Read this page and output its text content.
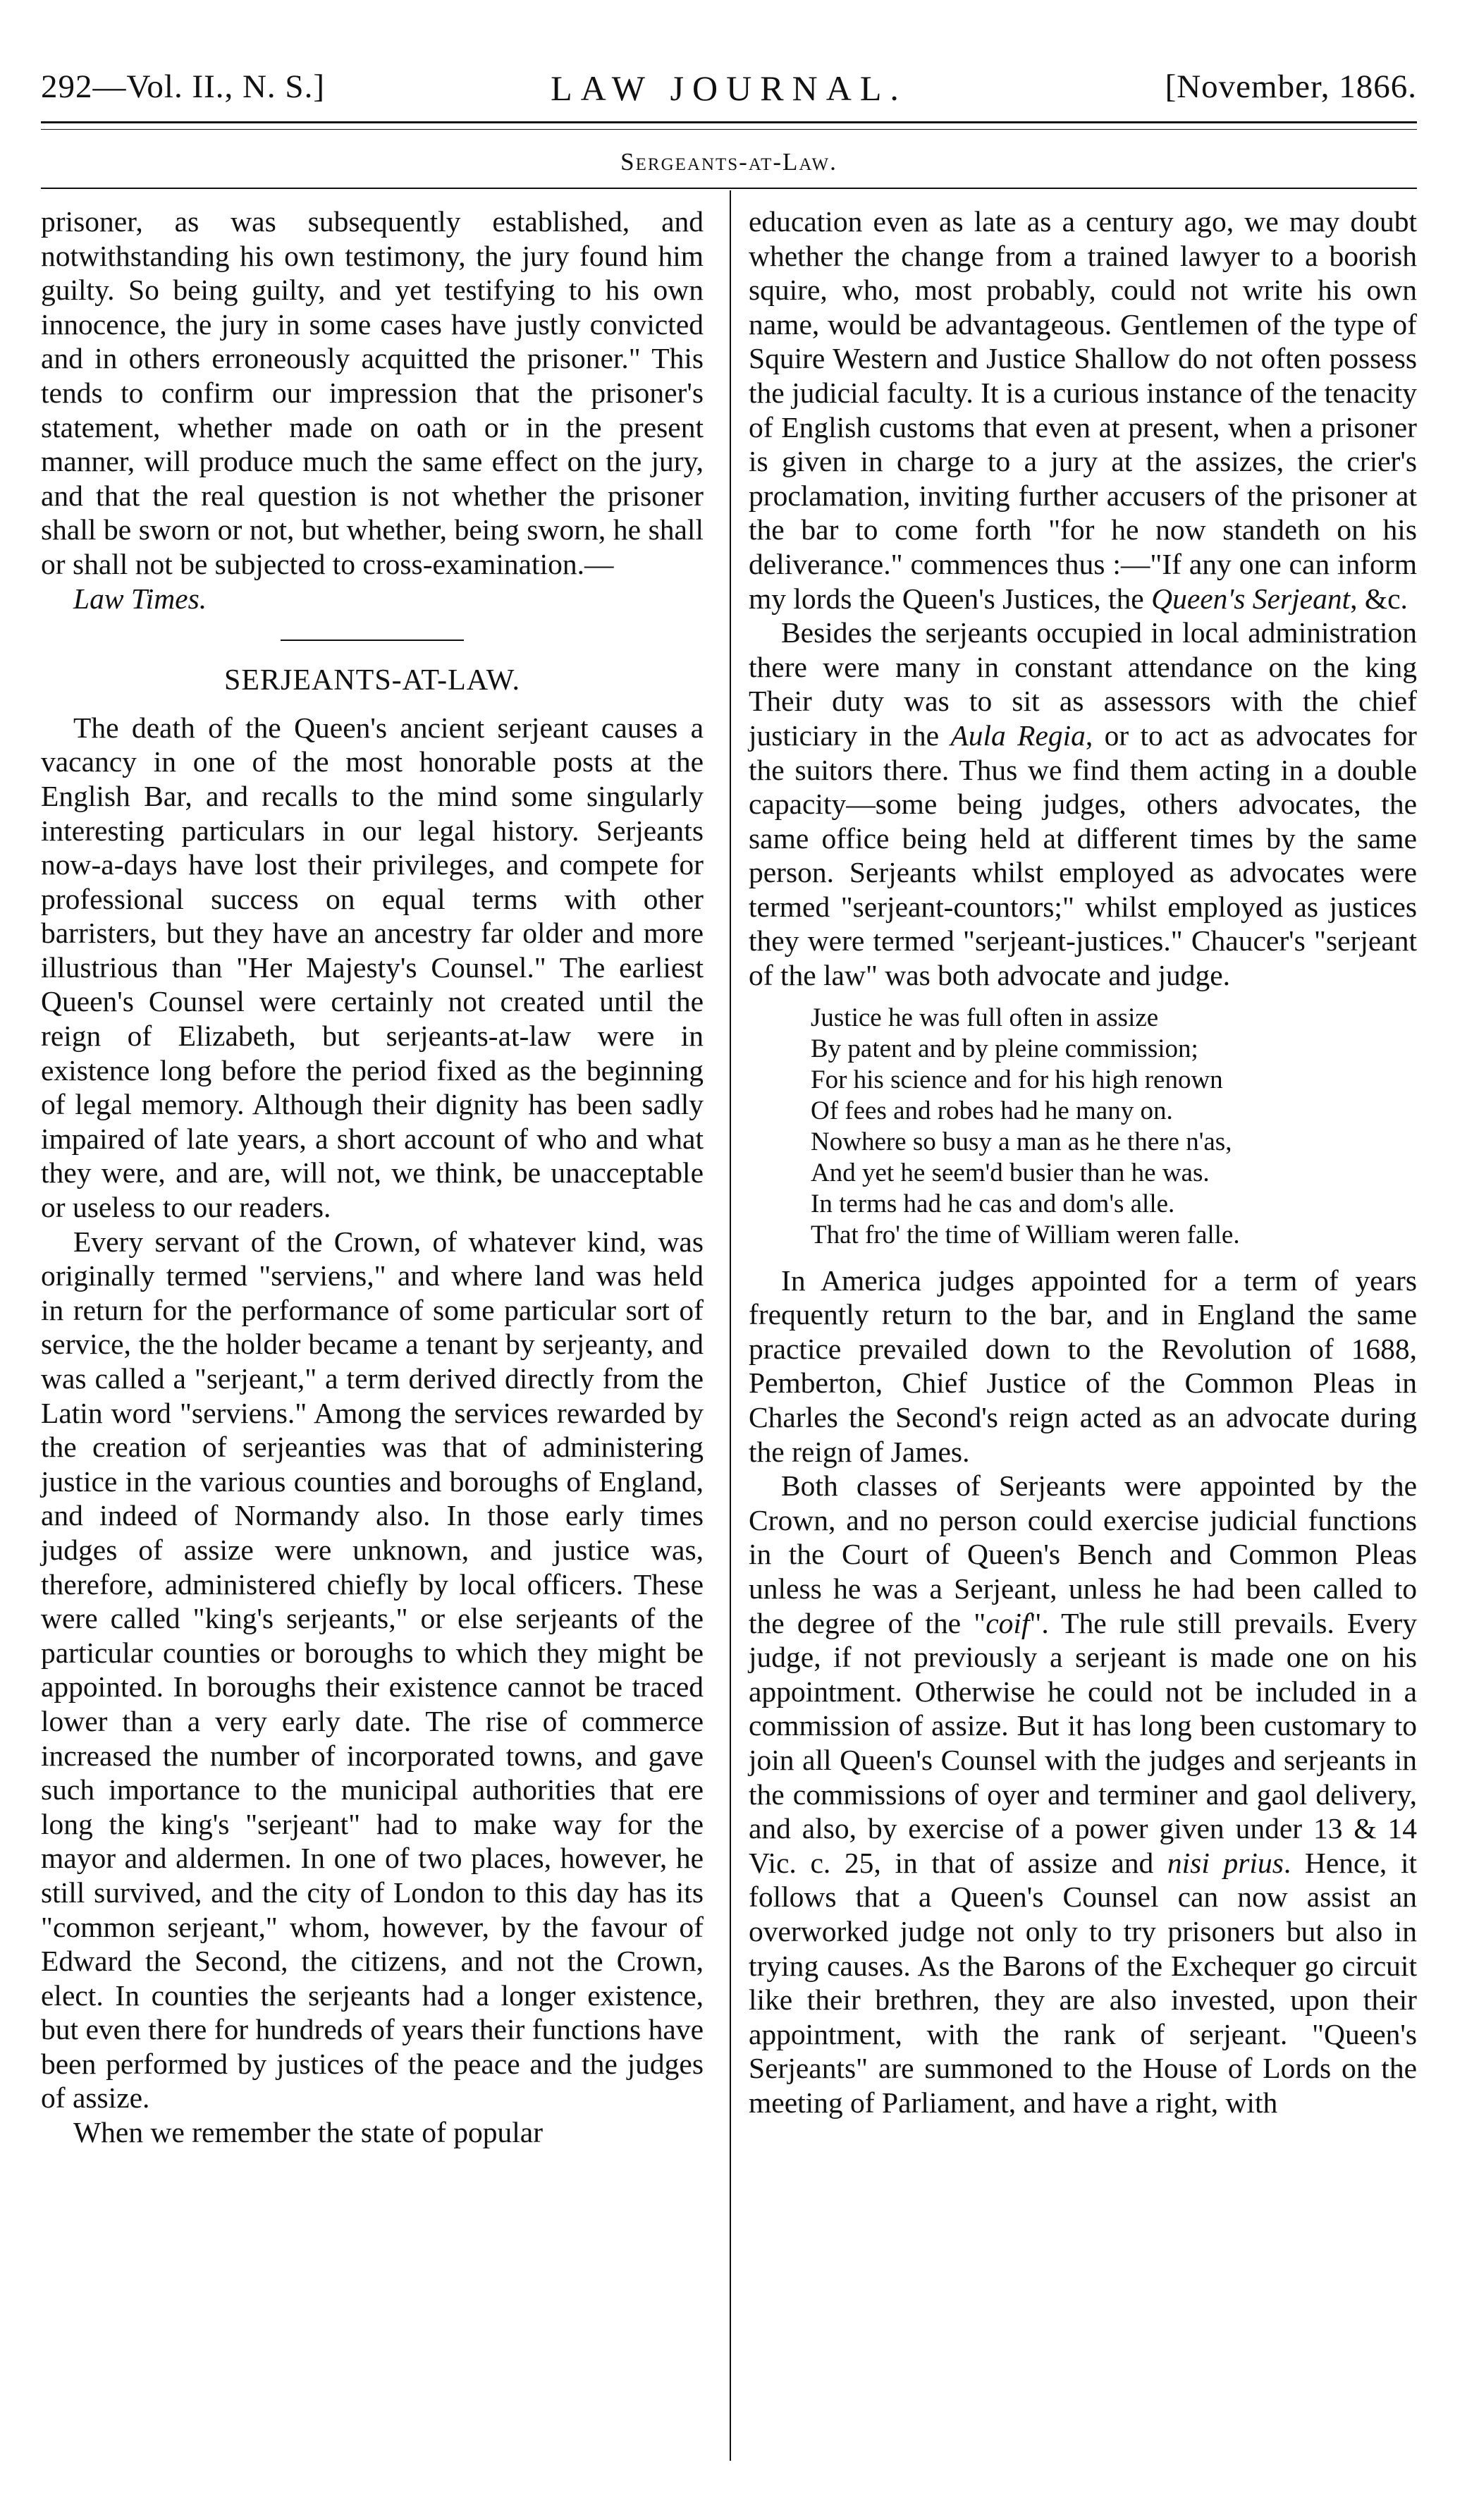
292—Vol. II., N. S.]	LAW JOURNAL.	[November, 1866.
Sergeants-at-Law.

prisoner, as was subsequently established, and notwithstanding his own testimony, the jury found him guilty. So being guilty, and yet testifying to his own innocence, the jury in some cases have justly convicted and in others erroneously acquitted the prisoner." This tends to confirm our impression that the prisoner's statement, whether made on oath or in the present manner, will produce much the same effect on the jury, and that the real question is not whether the prisoner shall be sworn or not, but whether, being sworn, he shall or shall not be subjected to cross-examination.—

Law Times.

SERJEANTS-AT-LAW.

The death of the Queen's ancient serjeant causes a vacancy in one of the most honorable posts at the English Bar, and recalls to the mind some singularly interesting particulars in our legal history. Serjeants now-a-days have lost their privileges, and compete for professional success on equal terms with other barristers, but they have an ancestry far older and more illustrious than "Her Majesty's Counsel." The earliest Queen's Counsel were certainly not created until the reign of Elizabeth, but serjeants-at-law were in existence long before the period fixed as the beginning of legal memory. Although their dignity has been sadly impaired of late years, a short account of who and what they were, and are, will not, we think, be unacceptable or useless to our readers.

Every servant of the Crown, of whatever kind, was originally termed "serviens," and where land was held in return for the performance of some particular sort of service, the the holder became a tenant by serjeanty, and was called a "serjeant," a term derived directly from the Latin word "serviens." Among the services rewarded by the creation of serjeanties was that of administering justice in the various counties and boroughs of England, and indeed of Normandy also. In those early times judges of assize were unknown, and justice was, therefore, administered chiefly by local officers. These were called "king's serjeants," or else serjeants of the particular counties or boroughs to which they might be appointed. In boroughs their existence cannot be traced lower than a very early date. The rise of commerce increased the number of incorporated towns, and gave such importance to the municipal authorities that ere long the king's "serjeant" had to make way for the mayor and aldermen. In one of two places, however, he still survived, and the city of London to this day has its "common serjeant," whom, however, by the favour of Edward the Second, the citizens, and not the Crown, elect. In counties the serjeants had a longer existence, but even there for hundreds of years their functions have been performed by justices of the peace and the judges of assize.

When we remember the state of popular

education even as late as a century ago, we may doubt whether the change from a trained lawyer to a boorish squire, who, most probably, could not write his own name, would be advantageous. Gentlemen of the type of Squire Western and Justice Shallow do not often possess the judicial faculty. It is a curious instance of the tenacity of English customs that even at present, when a prisoner is given in charge to a jury at the assizes, the crier's proclamation, inviting further accusers of the prisoner at the bar to come forth "for he now standeth on his deliverance." commences thus :—"If any one can inform my lords the Queen's Justices, the Queen's Serjeant, &c.

Besides the serjeants occupied in local administration there were many in constant attendance on the king Their duty was to sit as assessors with the chief justiciary in the Aula Regia, or to act as advocates for the suitors there. Thus we find them acting in a double capacity—some being judges, others advocates, the same office being held at different times by the same person. Serjeants whilst employed as advocates were termed "serjeant-countors;" whilst employed as justices they were termed "serjeant-justices." Chaucer's "serjeant of the law" was both advocate and judge.

Justice he was full often in assize
By patent and by pleine commission;
For his science and for his high renown
Of fees and robes had he many on.
Nowhere so busy a man as he there n'as,
And yet he seem'd busier than he was.
In terms had he cas and dom's alle.
That fro' the time of William weren falle.

In America judges appointed for a term of years frequently return to the bar, and in England the same practice prevailed down to the Revolution of 1688, Pemberton, Chief Justice of the Common Pleas in Charles the Second's reign acted as an advocate during the reign of James.

Both classes of Serjeants were appointed by the Crown, and no person could exercise judicial functions in the Court of Queen's Bench and Common Pleas unless he was a Serjeant, unless he had been called to the degree of the "coif". The rule still prevails. Every judge, if not previously a serjeant is made one on his appointment. Otherwise he could not be included in a commission of assize. But it has long been customary to join all Queen's Counsel with the judges and serjeants in the commissions of oyer and terminer and gaol delivery, and also, by exercise of a power given under 13 & 14 Vic. c. 25, in that of assize and nisi prius. Hence, it follows that a Queen's Counsel can now assist an overworked judge not only to try prisoners but also in trying causes. As the Barons of the Exchequer go circuit like their brethren, they are also invested, upon their appointment, with the rank of serjeant. "Queen's Serjeants" are summoned to the House of Lords on the meeting of Parliament, and have a right, with
